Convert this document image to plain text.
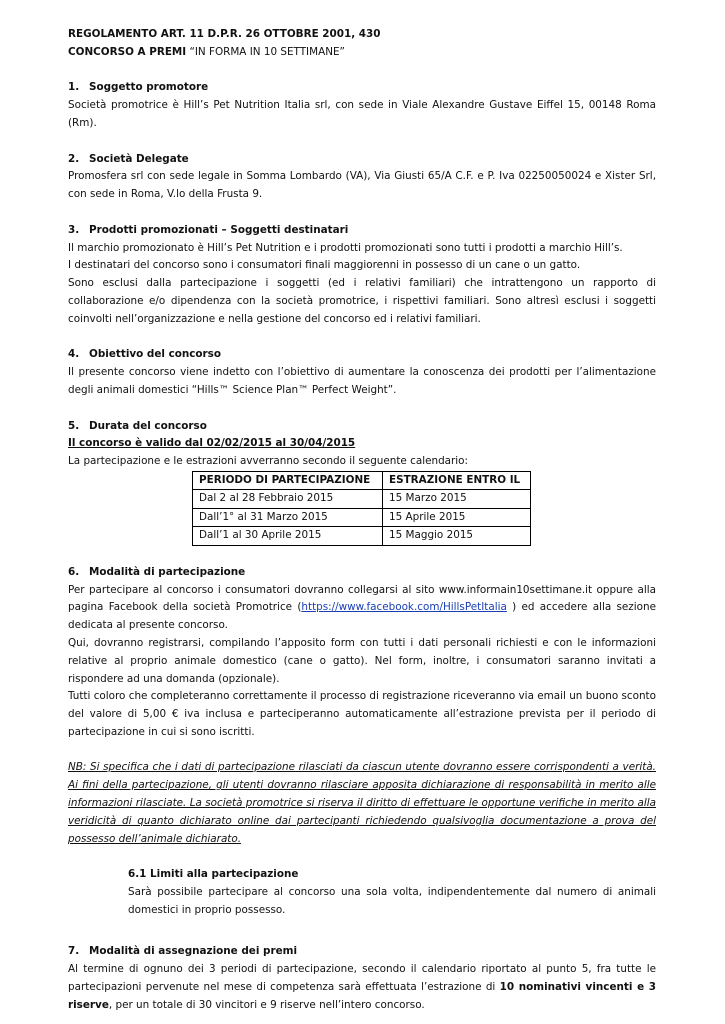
REGOLAMENTO ART. 11 D.P.R. 26 OTTOBRE 2001, 430

CONCORSO A PREMI “IN FORMA IN 10 SETTIMANE”

1. Soggetto promotore

Società promotrice è Hill’s Pet Nutrition Italia srl, con sede in Viale Alexandre Gustave Eiffel 15, 00148 Roma (Rm).

2. Società Delegate

Promosfera srl con sede legale in Somma Lombardo (VA), Via Giusti 65/A C.F. e P. Iva 02250050024 e Xister Srl, con sede in Roma, V.lo della Frusta 9.

3. Prodotti promozionati – Soggetti destinatari

Il marchio promozionato è Hill’s Pet Nutrition e i prodotti promozionati sono tutti i prodotti a marchio Hill’s.

I destinatari del concorso sono i consumatori finali maggiorenni in possesso di un cane o un gatto.

Sono esclusi dalla partecipazione i soggetti (ed i relativi familiari) che intrattengono un rapporto di collaborazione e/o dipendenza con la società promotrice, i rispettivi familiari. Sono altresì esclusi i soggetti coinvolti nell’organizzazione e nella gestione del concorso ed i relativi familiari.

4. Obiettivo del concorso

Il presente concorso viene indetto con l’obiettivo di aumentare la conoscenza dei prodotti per l’alimentazione degli animali domestici “Hills™ Science Plan™ Perfect Weight”.

5. Durata del concorso

Il concorso è valido dal 02/02/2015 al 30/04/2015

La partecipazione e le estrazioni avverranno secondo il seguente calendario:

PERIODO DI PARTECIPAZIONE	ESTRAZIONE ENTRO IL
Dal 2 al 28 Febbraio 2015	15 Marzo 2015
Dall’1° al 31 Marzo 2015	15 Aprile 2015
Dall’1 al 30 Aprile 2015	15 Maggio 2015
6. Modalità di partecipazione

Per partecipare al concorso i consumatori dovranno collegarsi al sito www.informain10settimane.it oppure alla pagina Facebook della società Promotrice (https://www.facebook.com/HillsPetItalia ) ed accedere alla sezione dedicata al presente concorso.

Qui, dovranno registrarsi, compilando l’apposito form con tutti i dati personali richiesti e con le informazioni relative al proprio animale domestico (cane o gatto). Nel form, inoltre, i consumatori saranno invitati a rispondere ad una domanda (opzionale).

Tutti coloro che completeranno correttamente il processo di registrazione riceveranno via email un buono sconto del valore di 5,00 € iva inclusa e parteciperanno automaticamente all’estrazione prevista per il periodo di partecipazione in cui si sono iscritti.

NB: Si specifica che i dati di partecipazione rilasciati da ciascun utente dovranno essere corrispondenti a verità. Ai fini della partecipazione, gli utenti dovranno rilasciare apposita dichiarazione di responsabilità in merito alle informazioni rilasciate. La società promotrice si riserva il diritto di effettuare le opportune verifiche in merito alla veridicità di quanto dichiarato online dai partecipanti richiedendo qualsivoglia documentazione a prova del possesso dell’animale dichiarato.

6.1 Limiti alla partecipazione

Sarà possibile partecipare al concorso una sola volta, indipendentemente dal numero di animali domestici in proprio possesso.

7. Modalità di assegnazione dei premi

Al termine di ognuno dei 3 periodi di partecipazione, secondo il calendario riportato al punto 5, fra tutte le partecipazioni pervenute nel mese di competenza sarà effettuata l’estrazione di 10 nominativi vincenti e 3 riserve, per un totale di 30 vincitori e 9 riserve nell’intero concorso.
